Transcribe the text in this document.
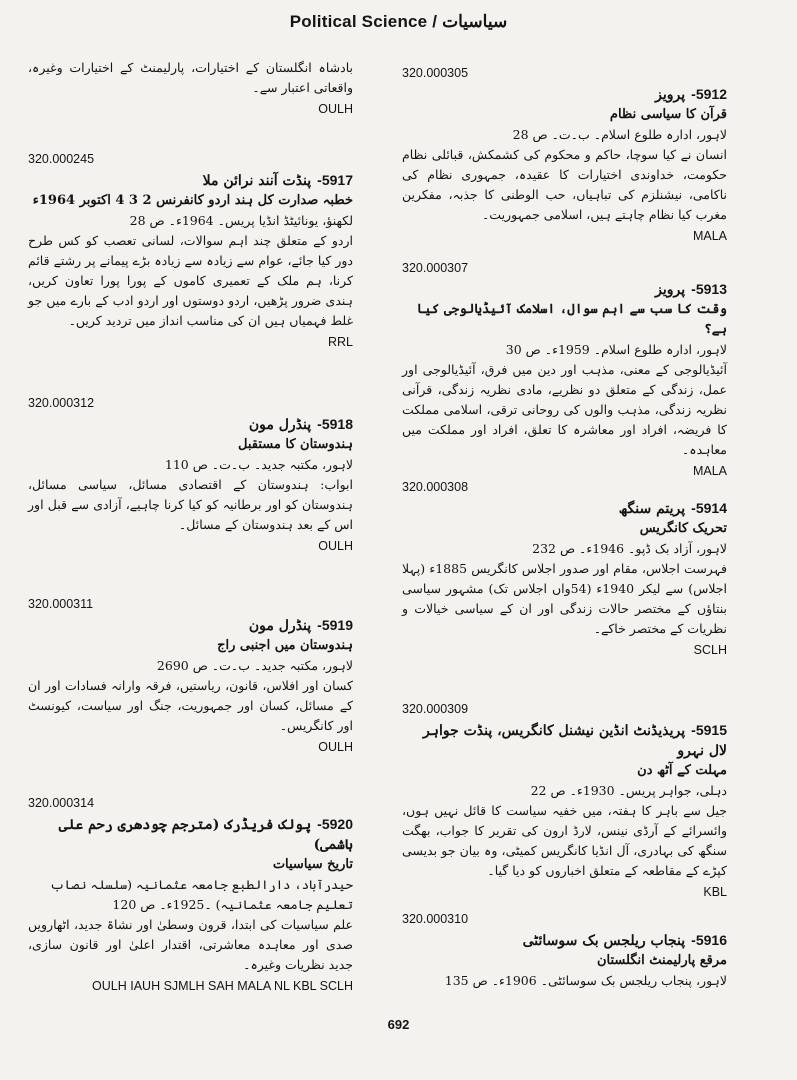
Political Science / سیاسیات
بادشاہ انگلستان کے اختیارات، پارلیمنٹ کے اختیارات وغیرہ، واقعاتی اعتبار سے۔
OULH
320.000245
5917-پنڈت آنند نرائن ملا
خطبہ صدارت کل ہند اردو کانفرنس 2 3 4 اکتوبر 1964ء
لکھنؤ، یونائیٹڈ انڈیا پریس۔ 1964ء۔ ص 28
اردو کے متعلق چند اہم سوالات، لسانی تعصب کو کس طرح دور کیا جائے، عوام سے زیادہ سے زیادہ بڑے پیمانے پر رشتے قائم کرنا، ہم ملک کے تعمیری کاموں کے پورا پورا تعاون کریں، ہندی ضرور پڑھیں، اردو دوستوں اور اردو ادب کے بارے میں جو غلط فہمیاں ہیں ان کی مناسب انداز میں تردید کریں۔
RRL
320.000312
5918-پنڈرل مون
ہندوستان کا مستقبل
لاہور، مکتبہ جدید۔ ب۔ت۔ ص 110
ابواب: ہندوستان کے اقتصادی مسائل، سیاسی مسائل، ہندوستان کو اور برطانیہ کو کیا کرنا چاہیے، آزادی سے قبل اور اس کے بعد ہندوستان کے مسائل۔
OULH
320.000311
5919-پنڈرل مون
ہندوستان میں اجنبی راج
لاہور، مکتبہ جدید۔ ب۔ت۔ ص 2690
کسان اور افلاس، قانون، ریاستیں، فرقہ وارانہ فسادات اور ان کے مسائل، کسان اور جمہوریت، جنگ اور سیاست، کیونسٹ اور کانگریس۔
OULH
320.000314
5920-پولک فریڈرک (مترجم چودھری رحم علی ہاشمی)
تاریخ سیاسیات
حیدرآباد، دارالطبع جامعہ عثمانیہ (سلسلہ نصاب تعلیم جامعہ عثمانیہ) ۔1925ء۔ ص 120
علم سیاسیات کی ابتدا، قرون وسطیٰ اور نشاۃ جدید، اٹھارویں صدی اور معاہدہ معاشرتی، اقتدار اعلیٰ اور قانون سازی، جدید نظریات وغیرہ۔
OULH IAUH SJMLH SAH MALA NL KBL SCLH
320.000305
5912-پرویز
قرآن کا سیاسی نظام
لاہور، ادارہ طلوع اسلام۔ ب۔ت۔ ص 28
انسان نے کیا سوچا، حاکم و محکوم کی کشمکش، قبائلی نظام حکومت، خداوندی اختیارات کا عقیدہ، جمہوری نظام کی ناکامی، نیشنلزم کی تباہیاں، حب الوطنی کا جذبہ، مفکرین مغرب کیا نظام چاہتے ہیں، اسلامی جمہوریت۔
MALA
320.000307
5913-پرویز
وقت کا سب سے اہم سوال، اسلامک آئیڈیالوجی کیا ہے؟
لاہور، ادارہ طلوع اسلام۔ 1959ء۔ ص 30
آئیڈیالوجی کے معنی، مذہب اور دین میں فرق، آئیڈیالوجی اور عمل، زندگی کے متعلق دو نظریے، مادی نظریہ زندگی، قرآنی نظریہ زندگی، مذہب والوں کی روحانی ترقی، اسلامی مملکت کا فریضہ، افراد اور معاشرہ کا تعلق، افراد اور مملکت میں معاہدہ۔
MALA
320.000308
5914-پریتم سنگھ
تحریک کانگریس
لاہور، آزاد بک ڈپو۔ 1946ء۔ ص 232
فہرست اجلاس، مقام اور صدور اجلاس کانگریس 1885ء (پہلا اجلاس) سے لیکر 1940ء (54واں اجلاس تک) مشہور سیاسی بنتاؤں کے مختصر حالات زندگی اور ان کے سیاسی خیالات و نظریات کے مختصر خاکے۔
SCLH
320.000309
5915-پریذیڈنٹ انڈین نیشنل کانگریس، پنڈت جواہر لال نہرو
مہلت کے آٹھ دن
دہلی، جواہر پریس۔ 1930ء۔ ص 22
جیل سے باہر کا ہفتہ، میں خفیہ سیاست کا قائل نہیں ہوں، وائسرائے کے آرڈی نینس، لارڈ ارون کی تقریر کا جواب، بھگت سنگھ کی بہادری، آل انڈیا کانگریس کمیٹی، وہ بیان جو بدیسی کپڑے کے مقاطعہ کے متعلق اخباروں کو دیا گیا۔
KBL
320.000310
5916-پنجاب ریلجس بک سوسائٹی
مرقع پارلیمنٹ انگلستان
لاہور، پنجاب ریلجس بک سوسائٹی۔ 1906ء۔ ص 135
692
